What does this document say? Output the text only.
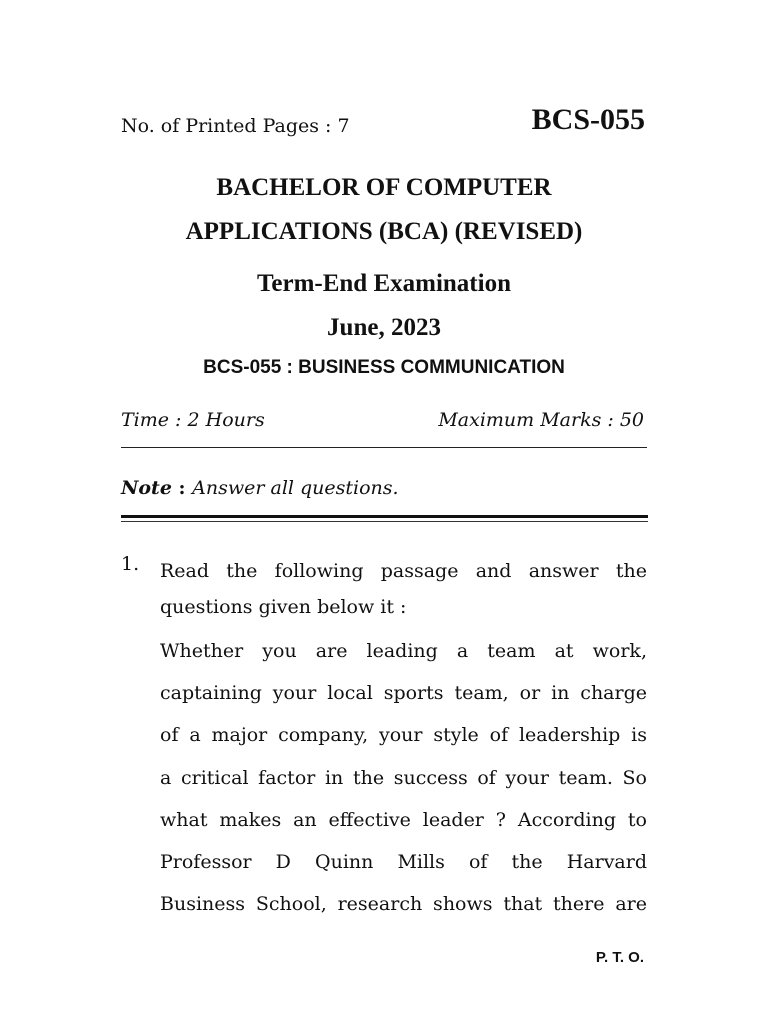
No. of Printed Pages : 7	BCS-055
BACHELOR OF COMPUTER
APPLICATIONS (BCA) (REVISED)
Term-End Examination
June, 2023
BCS-055 : BUSINESS COMMUNICATION
Time : 2 Hours	Maximum Marks : 50
Note : Answer all questions.
1. Read the following passage and answer the questions given below it :
Whether you are leading a team at work,
captaining your local sports team, or in charge
of a major company, your style of leadership is
a critical factor in the success of your team. So
what makes an effective leader ? According to
Professor D Quinn Mills of the Harvard
Business School, research shows that there are
P. T. O.
